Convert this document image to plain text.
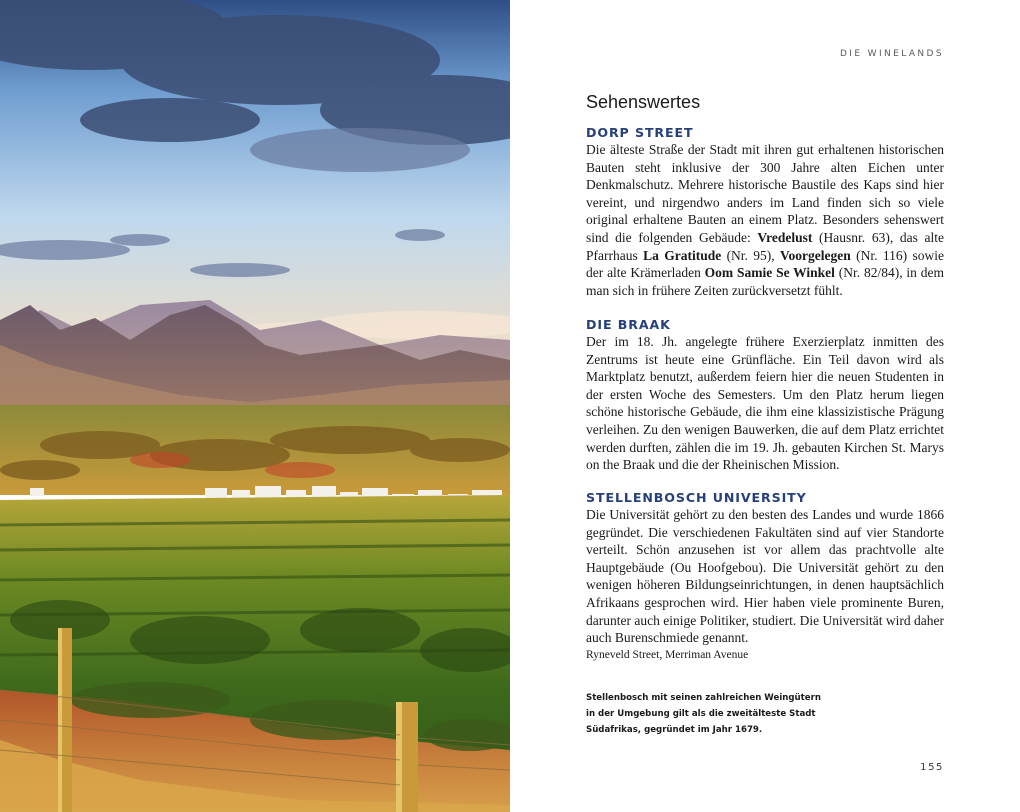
DIE WINELANDS
Sehenswertes
DORP STREET

Die älteste Straße der Stadt mit ihren gut erhaltenen historischen Bauten steht inklusive der 300 Jahre alten Eichen unter Denkmalschutz. Mehrere historische Baustile des Kaps sind hier vereint, und nirgendwo anders im Land finden sich so viele original erhaltene Bauten an einem Platz. Besonders sehenswert sind die folgenden Gebäude: Vredelust (Hausnr. 63), das alte Pfarrhaus La Gratitude (Nr. 95), Voorgelegen (Nr. 116) sowie der alte Krämerladen Oom Samie Se Winkel (Nr. 82/84), in dem man sich in frühere Zeiten zurückversetzt fühlt.

DIE BRAAK

Der im 18. Jh. angelegte frühere Exerzierplatz inmitten des Zentrums ist heute eine Grünfläche. Ein Teil davon wird als Marktplatz benutzt, außerdem feiern hier die neuen Studenten in der ersten Woche des Semesters. Um den Platz herum liegen schöne historische Gebäude, die ihm eine klassizistische Prägung verleihen. Zu den wenigen Bauwerken, die auf dem Platz errichtet werden durften, zählen die im 19. Jh. gebauten Kirchen St. Marys on the Braak und die der Rheinischen Mission.

STELLENBOSCH UNIVERSITY

Die Universität gehört zu den besten des Landes und wurde 1866 gegründet. Die verschiedenen Fakultäten sind auf vier Standorte verteilt. Schön anzusehen ist vor allem das prachtvolle alte Hauptgebäude (Ou Hoofgebou). Die Universität gehört zu den wenigen höheren Bildungseinrichtungen, in denen hauptsächlich Afrikaans gesprochen wird. Hier haben viele prominente Buren, darunter auch einige Politiker, studiert. Die Universität wird daher auch Burenschmiede genannt.

Ryneveld Street, Merriman Avenue

Stellenbosch mit seinen zahlreichen Weingütern in der Umgebung gilt als die zweitälteste Stadt Südafrikas, gegründet im Jahr 1679.

155
